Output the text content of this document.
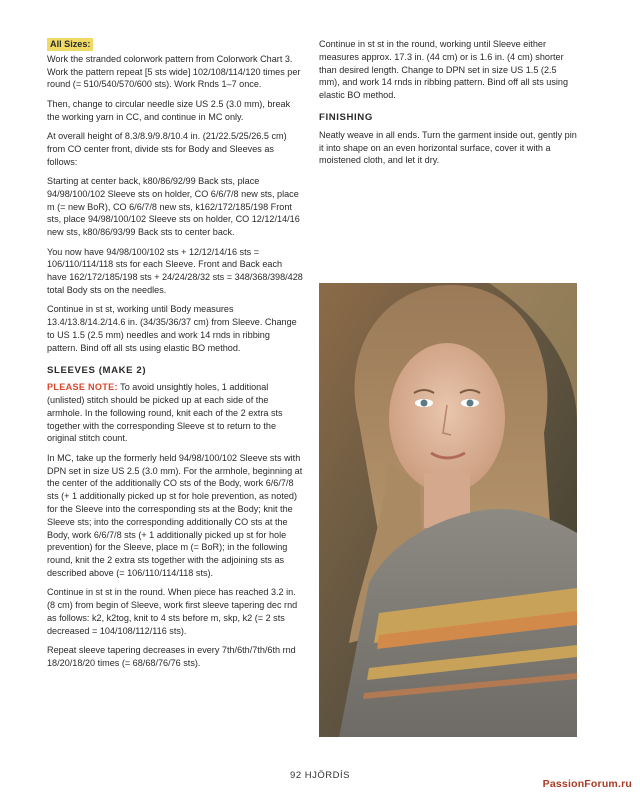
All Sizes:

Work the stranded colorwork pattern from Colorwork Chart 3. Work the pattern repeat [5 sts wide] 102/108/114/120 times per round (= 510/540/570/600 sts). Work Rnds 1–7 once.

Then, change to circular needle size US 2.5 (3.0 mm), break the working yarn in CC, and continue in MC only.

At overall height of 8.3/8.9/9.8/10.4 in. (21/22.5/25/26.5 cm) from CO center front, divide sts for Body and Sleeves as follows:

Starting at center back, k80/86/92/99 Back sts, place 94/98/100/102 Sleeve sts on holder, CO 6/6/7/8 new sts, place m (= new BoR), CO 6/6/7/8 new sts, k162/172/185/198 Front sts, place 94/98/100/102 Sleeve sts on holder, CO 12/12/14/16 new sts, k80/86/93/99 Back sts to center back.

You now have 94/98/100/102 sts + 12/12/14/16 sts = 106/110/114/118 sts for each Sleeve. Front and Back each have 162/172/185/198 sts + 24/24/28/32 sts = 348/368/398/428 total Body sts on the needles.

Continue in st st, working until Body measures 13.4/13.8/14.2/14.6 in. (34/35/36/37 cm) from Sleeve. Change to US 1.5 (2.5 mm) needles and work 14 rnds in ribbing pattern. Bind off all sts using elastic BO method.

SLEEVES (MAKE 2)

PLEASE NOTE: To avoid unsightly holes, 1 additional (unlisted) stitch should be picked up at each side of the armhole. In the following round, knit each of the 2 extra sts together with the corresponding Sleeve st to return to the original stitch count.

In MC, take up the formerly held 94/98/100/102 Sleeve sts with DPN set in size US 2.5 (3.0 mm). For the armhole, beginning at the center of the additionally CO sts of the Body, work 6/6/7/8 sts (+ 1 additionally picked up st for hole prevention, as noted) for the Sleeve into the corresponding sts at the Body; knit the Sleeve sts; into the corresponding additionally CO sts at the Body, work 6/6/7/8 sts (+ 1 additionally picked up st for hole prevention) for the Sleeve, place m (= BoR); in the following round, knit the 2 extra sts together with the adjoining sts as described above (= 106/110/114/118 sts).

Continue in st st in the round. When piece has reached 3.2 in. (8 cm) from begin of Sleeve, work first sleeve tapering dec rnd as follows: k2, k2tog, knit to 4 sts before m, skp, k2 (= 2 sts decreased = 104/108/112/116 sts).

Repeat sleeve tapering decreases in every 7th/6th/7th/6th rnd 18/20/18/20 times (= 68/68/76/76 sts).

Continue in st st in the round, working until Sleeve either measures approx. 17.3 in. (44 cm) or is 1.6 in. (4 cm) shorter than desired length. Change to DPN set in size US 1.5 (2.5 mm), and work 14 rnds in ribbing pattern. Bind off all sts using elastic BO method.

FINISHING

Neatly weave in all ends. Turn the garment inside out, gently pin it into shape on an even horizontal surface, cover it with a moistened cloth, and let it dry.

92 HJÖRDÍS
PassionForum.ru
